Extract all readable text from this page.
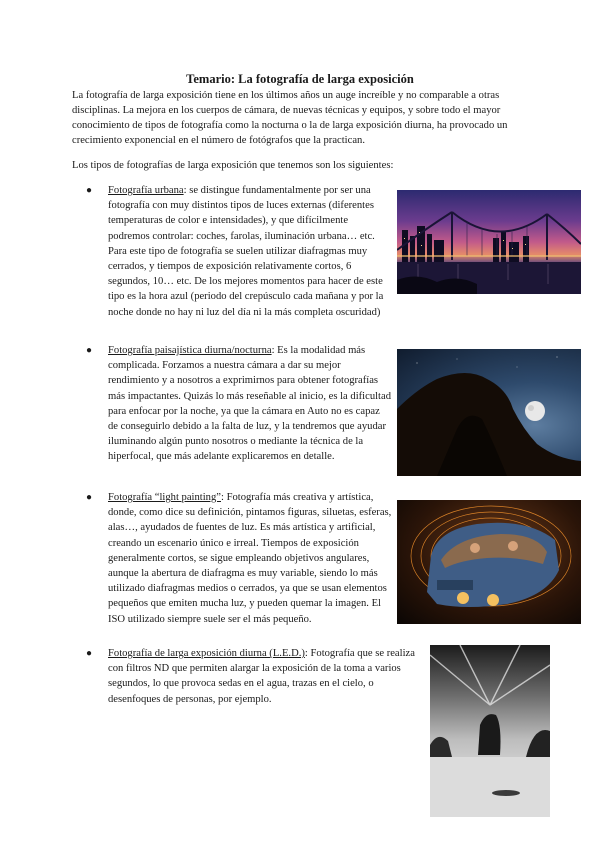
Temario: La fotografía de larga exposición

La fotografía de larga exposición tiene en los últimos años un auge increíble y no comparable a otras disciplinas. La mejora en los cuerpos de cámara, de nuevas técnicas y equipos, y sobre todo el mayor conocimiento de tipos de fotografía como la nocturna o la de larga exposición diurna, ha provocado un crecimiento exponencial en el número de fotógrafos que la practican.

Los tipos de fotografías de larga exposición que tenemos son los siguientes:

● Fotografía urbana: se distingue fundamentalmente por ser una fotografía con muy distintos tipos de luces externas (diferentes temperaturas de color e intensidades), y que difícilmente podremos controlar: coches, farolas, iluminación urbana… etc. Para este tipo de fotografía se suelen utilizar diafragmas muy cerrados, y tiempos de exposición relativamente cortos, 6 segundos, 10… etc. De los mejores momentos para hacer de este tipo es la hora azul (periodo del crepúsculo cada mañana y por la noche donde no hay ni luz del día ni la más completa oscuridad)
● Fotografía paisajística diurna/nocturna: Es la modalidad más complicada. Forzamos a nuestra cámara a dar su mejor rendimiento y a nosotros a exprimirnos para obtener fotografías más impactantes. Quizás lo más reseñable al inicio, es la dificultad para enfocar por la noche, ya que la cámara en Auto no es capaz de conseguirlo debido a la falta de luz, y la tendremos que ayudar iluminando algún punto nosotros o mediante la técnica de la hiperfocal, que más adelante explicaremos en detalle.
● Fotografía “light painting”: Fotografía más creativa y artística, donde, como dice su definición, pintamos figuras, siluetas, esferas, alas…, ayudados de fuentes de luz. Es más artística y artificial, creando un escenario único e irreal. Tiempos de exposición generalmente cortos, se sigue empleando objetivos angulares, aunque la abertura de diafragma es muy variable, siendo lo más utilizado diafragmas medios o cerrados, ya que se usan elementos pequeños que emiten mucha luz, y pueden quemar la imagen. El ISO utilizado siempre suele ser el más pequeño.
● Fotografía de larga exposición diurna (L.E.D.): Fotografía que se realiza con filtros ND que permiten alargar la exposición de la toma a varios segundos, lo que provoca sedas en el agua, trazas en el cielo, o desenfoques de personas, por ejemplo.
